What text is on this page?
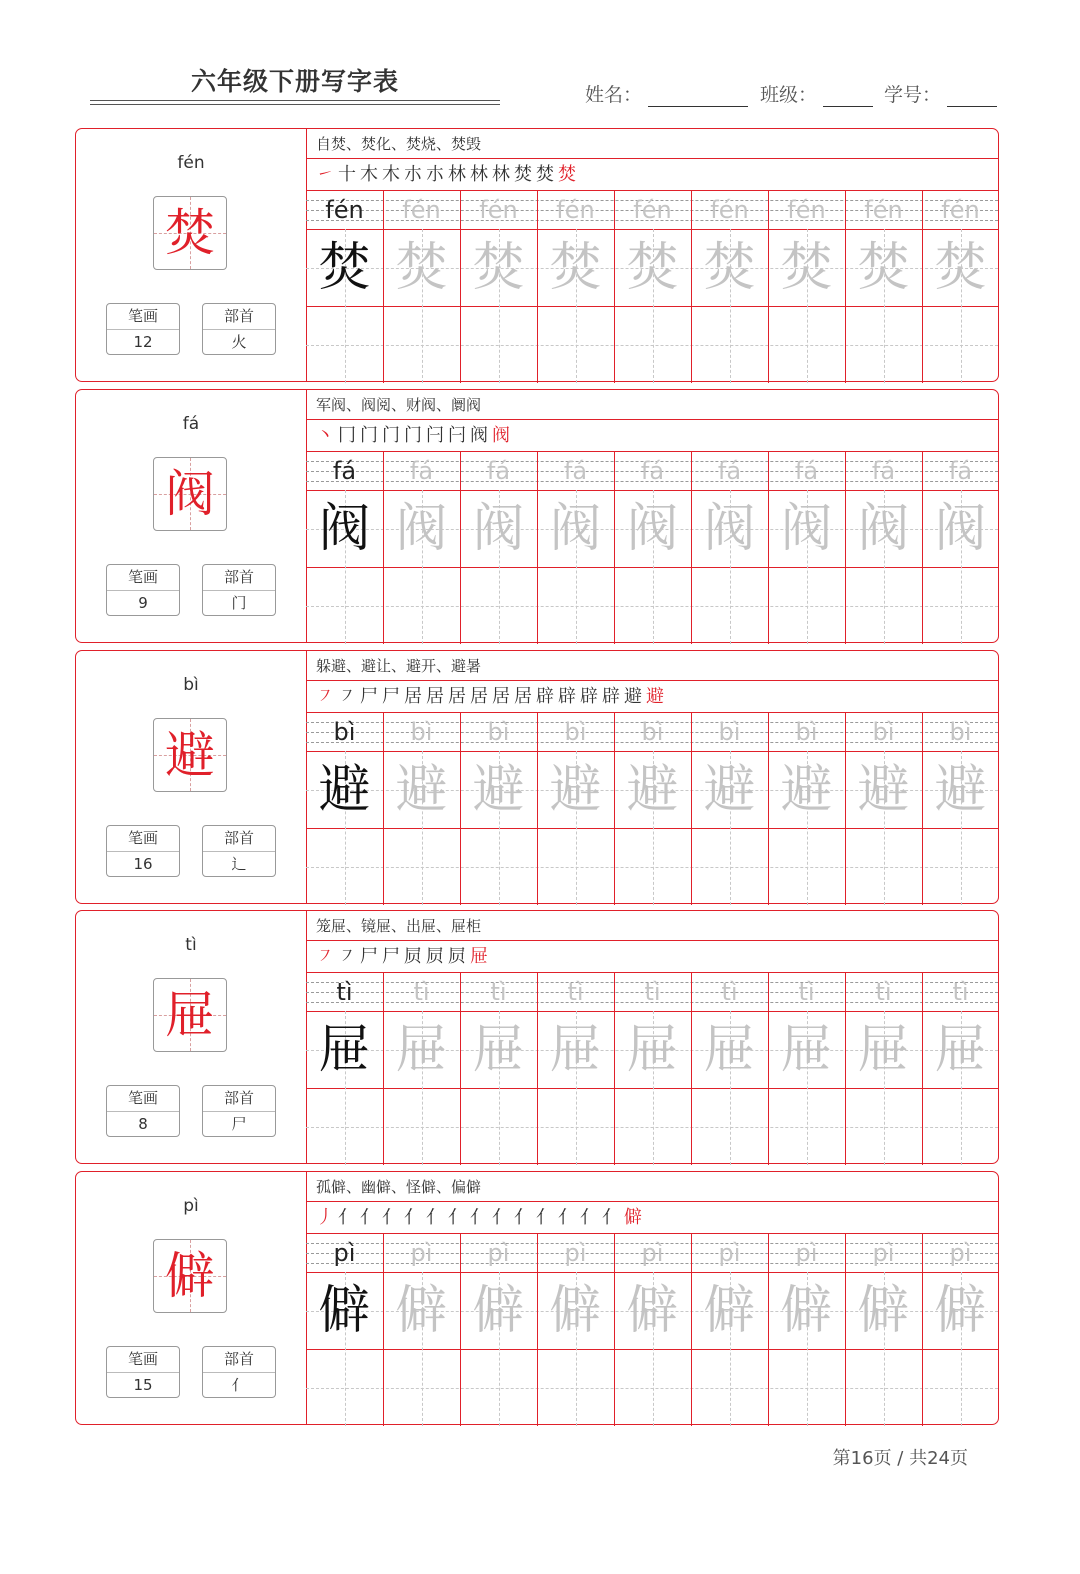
六年级下册写字表	姓名：	班级：	学号：
fén
焚
笔画
12
部首
火
自焚、焚化、焚烧、焚毁
㇀ 十 木 木 朩 朩 林 林 林 焚 焚 焚
fén
焚
fén
焚
fén
焚
fén
焚
fén
焚
fén
焚
fén
焚
fén
焚
fén
焚
fá
阀
笔画
9
部首
门
军阀、阀阅、财阀、阛阀
丶 冂 门 门 门 闩 闩 阀 阀
fá
阀
fá
阀
fá
阀
fá
阀
fá
阀
fá
阀
fá
阀
fá
阀
fá
阀
bì
避
笔画
16
部首
辶
躲避、避让、避开、避暑
㇇ ㇇ 尸 尸 居 居 居 居 居 居 辟 辟 辟 辟 避 避
bì
避
bì
避
bì
避
bì
避
bì
避
bì
避
bì
避
bì
避
bì
避
tì
屉
笔画
8
部首
尸
笼屉、镜屉、出屉、屉柜
㇇ ㇇ 尸 尸 屃 屃 屃 屉
tì
屉
tì
屉
tì
屉
tì
屉
tì
屉
tì
屉
tì
屉
tì
屉
tì
屉
pì
僻
笔画
15
部首
亻
孤僻、幽僻、怪僻、偏僻
丿 亻 亻 亻 亻 亻 亻 亻 亻 亻 亻 亻 亻 亻 僻
pì
僻
pì
僻
pì
僻
pì
僻
pì
僻
pì
僻
pì
僻
pì
僻
pì
僻
第16页 / 共24页
